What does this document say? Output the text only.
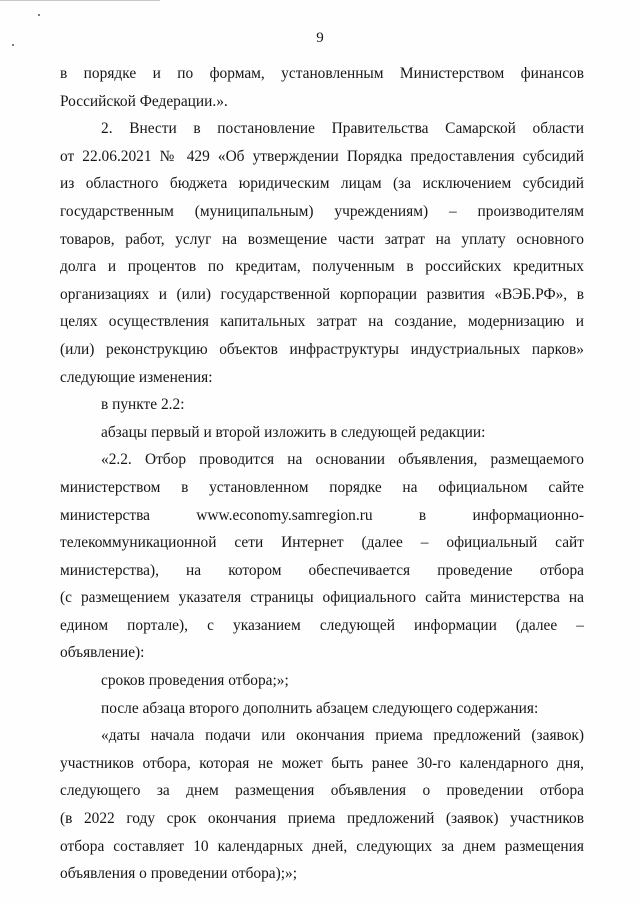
9
в порядке и по формам, установленным Министерством финансов
Российской Федерации.».
2. Внести в постановление Правительства Самарской области
от 22.06.2021 № 429 «Об утверждении Порядка предоставления субсидий
из областного бюджета юридическим лицам (за исключением субсидий
государственным (муниципальным) учреждениям) – производителям
товаров, работ, услуг на возмещение части затрат на уплату основного
долга и процентов по кредитам, полученным в российских кредитных
организациях и (или) государственной корпорации развития «ВЭБ.РФ», в
целях осуществления капитальных затрат на создание, модернизацию и
(или) реконструкцию объектов инфраструктуры индустриальных парков»
следующие изменения:
в пункте 2.2:
абзацы первый и второй изложить в следующей редакции:
«2.2. Отбор проводится на основании объявления, размещаемого
министерством в установленном порядке на официальном сайте
министерства www.economy.samregion.ru в информационно-
телекоммуникационной сети Интернет (далее – официальный сайт
министерства), на котором обеспечивается проведение отбора
(с размещением указателя страницы официального сайта министерства на
едином портале), с указанием следующей информации (далее –
объявление):
сроков проведения отбора;»;
после абзаца второго дополнить абзацем следующего содержания:
«даты начала подачи или окончания приема предложений (заявок)
участников отбора, которая не может быть ранее 30-го календарного дня,
следующего за днем размещения объявления о проведении отбора
(в 2022 году срок окончания приема предложений (заявок) участников
отбора составляет 10 календарных дней, следующих за днем размещения
объявления о проведении отбора);»;
